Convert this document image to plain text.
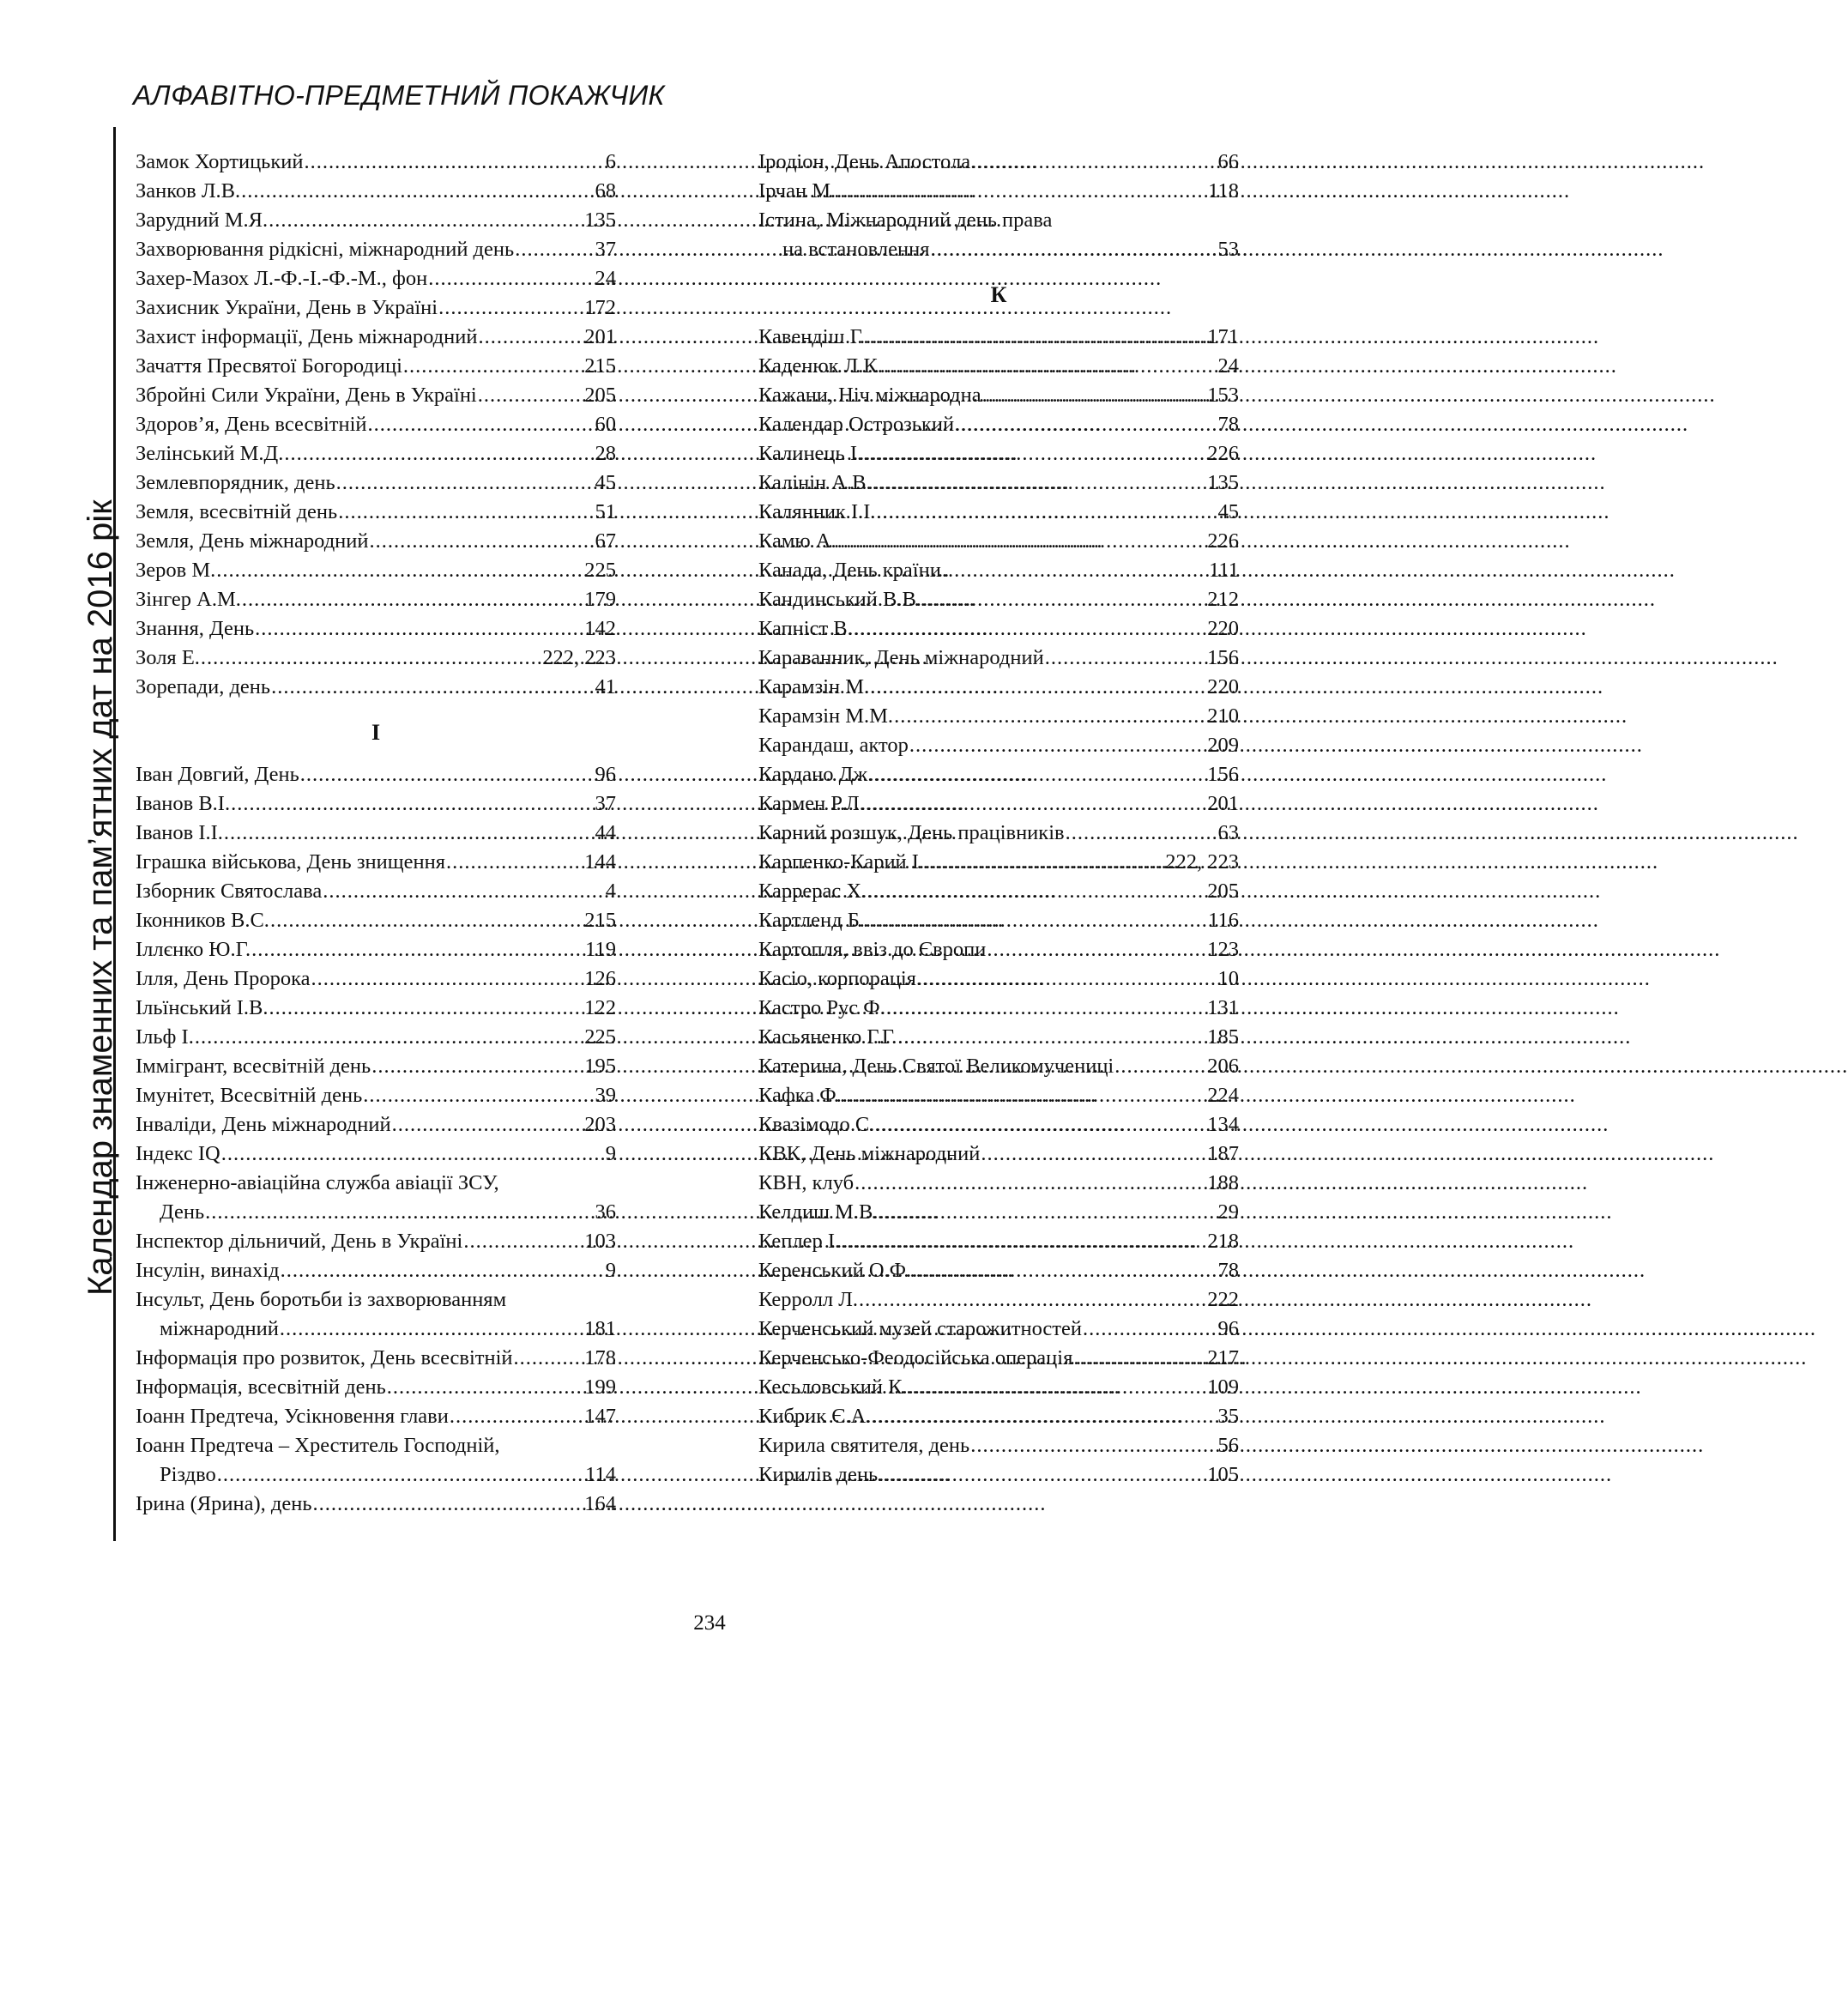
АЛФАВІТНО-ПРЕДМЕТНИЙ ПОКАЖЧИК
Календар знаменних та пам’ятних дат на 2016 рік
Замок Хортицький .....	6
Занков Л.В. .....	68
Зарудний М.Я. .....	135
Захворювання рідкісні, міжнародний день .....	37
Захер-Мазох Л.-Ф.-І.-Ф.-М., фон .....	24
Захисник України, День в Україні .....	172
Захист інформації, День міжнародний .....	201
Зачаття Пресвятої Богородиці .....	215
Збройні Сили України, День в Україні .....	205
Здоров’я, День всесвітній .....	60
Зелінський М.Д. .....	28
Землевпорядник, день .....	45
Земля, всесвітній день .....	51
Земля, День міжнародний .....	67
Зеров М. .....	225
Зінгер А.М. .....	179
Знання, День .....	142
Золя Е. .....	222, 223
Зорепади, день .....	41
І
Іван Довгий, День .....	96
Іванов В.І. .....	37
Іванов І.І. .....	44
Іграшка військова, День знищення .....	144
Ізборник Святослава .....	4
Іконников В.С. .....	215
Іллєнко Ю.Г. .....	119
Ілля, День Пророка .....	126
Ільїнський І.В. .....	122
Ільф І. .....	225
Іммігрант, всесвітній день .....	195
Імунітет, Всесвітній день .....	39
Інваліди, День міжнародний .....	203
Індекс IQ .....	9
Інженерно-авіаційна служба авіації ЗСУ,
День .....	36
Інспектор дільничий, День в Україні .....	103
Інсулін, винахід .....	9
Інсульт, День боротьби із захворюванням
міжнародний .....	181
Інформація про розвиток, День всесвітній .....	178
Інформація, всесвітній день .....	199
Іоанн Предтеча, Усікновення глави .....	147
Іоанн Предтеча – Хреститель Господній,
Різдво .....	114
Ірина (Ярина), день .....	164
Іродіон, День Апостола .....	66
Ірчан М. .....	118
Істина, Міжнародний день права
на встановлення .....	53
К
Кавендіш Г. .....	171
Каденюк Л.К. .....	24
Кажани, Ніч міжнародна .....	153
Календар Острозький .....	78
Калинець І. .....	226
Калінін А.В. .....	135
Калянник І.І. .....	45
Камю А. .....	226
Канада, День країни .....	111
Кандинський В.В. .....	212
Капніст В. .....	220
Караванник, День міжнародний .....	156
Карамзін М. .....	220
Карамзін М.М. .....	210
Карандаш, актор .....	209
Кардано Дж. .....	156
Кармен Р.Л. .....	201
Карний розшук, День працівників .....	63
Карпенко-Карий І. .....	222, 223
Каррерас Х. .....	205
Картленд Б. .....	116
Картопля, ввіз до Європи .....	123
Касіо, корпорація .....	10
Кастро Рус Ф. .....	131
Касьяненко Г.Г. .....	185
Катерина, День Святої Великомучениці .....	206
Кафка Ф. .....	224
Квазімодо С. .....	134
КВК, День міжнародний .....	187
КВН, клуб .....	188
Келдиш М.В. .....	29
Кеплер І. .....	218
Керенський О.Ф. .....	78
Керролл Л. .....	222
Керченський музей старожитностей .....	96
Керченсько-Феодосійська операція .....	217
Кесьловський К. .....	109
Кибрик Є.А. .....	35
Кирила святителя, день .....	56
Кирилів день .....	105
234
